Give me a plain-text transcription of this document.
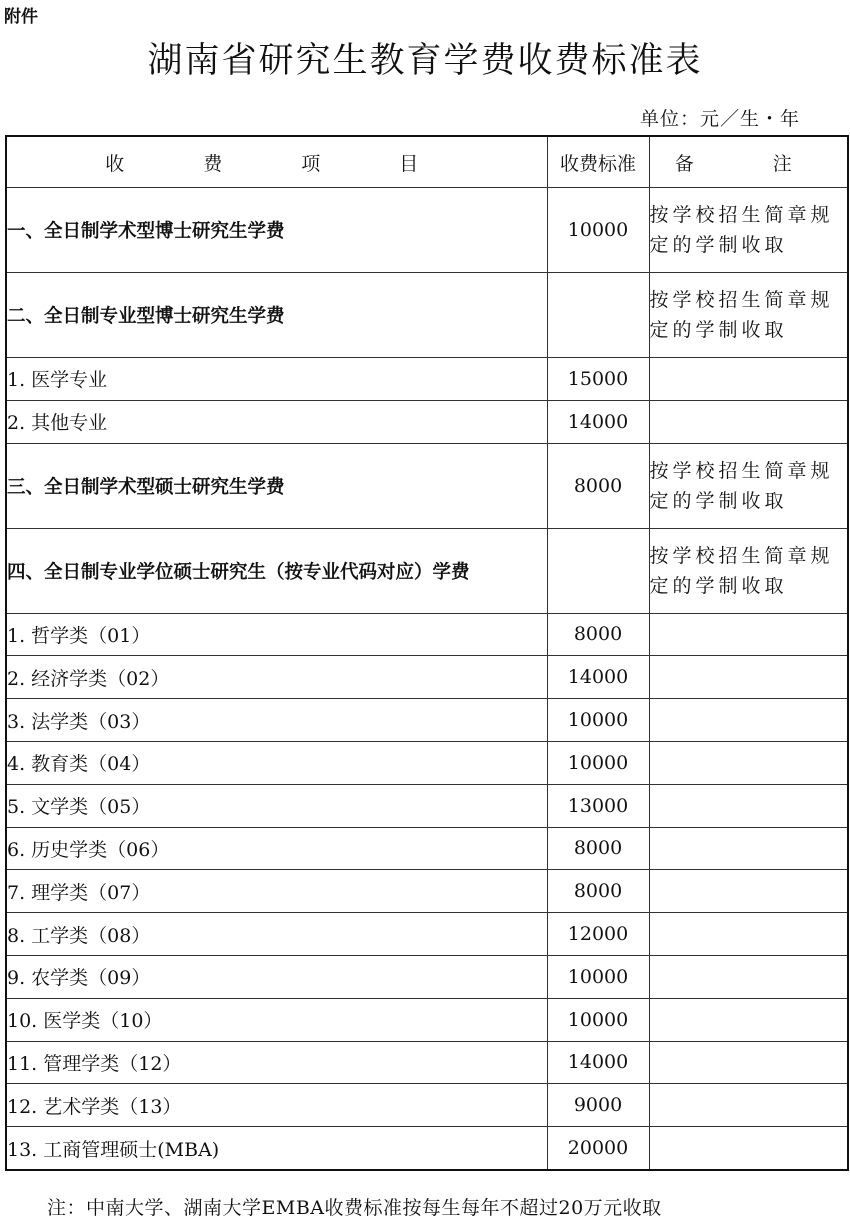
附件
湖南省研究生教育学费收费标准表
单位：元／生・年
收　费　项　目	收费标准	备　注
一、全日制学术型博士研究生学费	10000	按学校招生简章规定的学制收取
二、全日制专业型博士研究生学费		按学校招生简章规定的学制收取
1. 医学专业	15000	
2. 其他专业	14000	
三、全日制学术型硕士研究生学费	8000	按学校招生简章规定的学制收取
四、全日制专业学位硕士研究生（按专业代码对应）学费		按学校招生简章规定的学制收取
1. 哲学类（01）	8000	
2. 经济学类（02）	14000	
3. 法学类（03）	10000	
4. 教育类（04）	10000	
5. 文学类（05）	13000	
6. 历史学类（06）	8000	
7. 理学类（07）	8000	
8. 工学类（08）	12000	
9. 农学类（09）	10000	
10. 医学类（10）	10000	
11. 管理学类（12）	14000	
12. 艺术学类（13）	9000	
13. 工商管理硕士(MBA)	20000	
注：中南大学、湖南大学EMBA收费标准按每生每年不超过20万元收取
